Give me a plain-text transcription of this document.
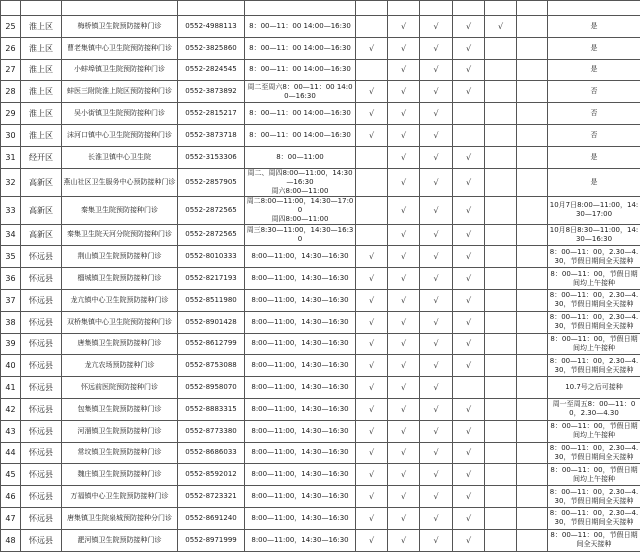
25	淮上区	梅桥镇卫生院预防接种门诊	0552-4988113	8：00—11：00 14:00—16:30		√	√	√	√		是
26	淮上区	曹老集镇中心卫生院预防接种门诊	0552-3825860	8：00—11：00 14:00—16:30	√	√	√	√			是
27	淮上区	小蚌埠镇卫生院预防接种门诊	0552-2824545	8：00—11：00 14:00—16:30		√	√	√			是
28	淮上区	蚌医三附院淮上院区预防接种门诊	0552-3873892	周二至周六8：00—11：00 14:00—16:30	√	√	√	√			否
29	淮上区	吴小街镇卫生院预防接种门诊	0552-2815217	8：00—11：00 14:00—16:30	√	√	√				否
30	淮上区	沫河口镇中心卫生院预防接种门诊	0552-3873718	8：00—11：00 14:00—16:30	√	√	√				否
31	经开区	长淮卫镇中心卫生院	0552-3153306	8：00—11:00		√	√	√			是
32	高新区	燕山社区卫生服务中心预防接种门诊	0552-2857905	周二、周四8:00—11:00，14:30—16:30
周六8:00—11:00		√	√	√			是
33	高新区	秦集卫生院预防接种门诊	0552-2872565	周二8:00—11:00，14:30—17:00
周四8:00—11:00		√	√	√			10月7日8:00—11:00，14:30—17:00
34	高新区	秦集卫生院天河分院预防接种门诊	0552-2872565	周三8:30—11:00，14:30—16:30		√	√	√			10月8日8:30—11:00，14:30—16:30
35	怀远县	荆山镇卫生院预防接种门诊	0552-8010333	8:00—11:00，14:30—16:30	√	√	√	√			8：00—11：00，2.30—4.30，节假日期间全天接种
36	怀远县	榴城镇卫生院预防接种门诊	0552-8217193	8:00—11:00，14:30—16:30	√	√	√	√			8：00—11：00，节假日期间均上午接种
37	怀远县	龙亢镇中心卫生院预防接种门诊	0552-8511980	8:00—11:00，14:30—16:30	√	√	√	√			8：00—11：00，2.30—4.30，节假日期间全天接种
38	怀远县	双桥集镇中心卫生院预防接种门诊	0552-8901428	8:00—11:00，14:30—16:30	√	√	√	√			8：00—11：00，2.30—4.30，节假日期间全天接种
39	怀远县	唐集镇卫生院预防接种门诊	0552-8612799	8:00—11:00，14:30—16:30	√	√	√	√			8：00—11：00，节假日期间均上午接种
40	怀远县	龙亢农场预防接种门诊	0552-8753088	8:00—11:00，14:30—16:30	√	√	√	√			8：00—11：00，2.30—4.30，节假日期间全天接种
41	怀远县	怀远前医院预防接种门诊	0552-8958070	8:00—11:00，14:30—16:30	√	√	√				10.7号之后可接种
42	怀远县	包集镇卫生院预防接种门诊	0552-8883315	8:00—11:00，14:30—16:30	√	√	√	√			周一至周五8：00—11：00，2.30—4.30
43	怀远县	河溜镇卫生院预防接种门诊	0552-8773380	8:00—11:00，14:30—16:30	√	√	√	√			8：00—11：00，节假日期间均上午接种
44	怀远县	常坟镇卫生院预防接种门诊	0552-8686033	8:00—11:00，14:30—16:30	√	√	√	√			8：00—11：00，2.30—4.30，节假日期间全天接种
45	怀远县	魏庄镇卫生院预防接种门诊	0552-8592012	8:00—11:00，14:30—16:30	√	√	√	√			8：00—11：00，节假日期间均上午接种
46	怀远县	万福镇中心卫生院预防接种门诊	0552-8723321	8:00—11:00，14:30—16:30	√	√	√	√			8：00—11：00，2.30—4.30，节假日期间全天接种
47	怀远县	唐集镇卫生院泉城预防接种分门诊	0552-8691240	8:00—11:00，14:30—16:30	√	√	√	√			8：00—11：00，2.30—4.30，节假日期间全天接种
48	怀远县	淝河镇卫生院预防接种门诊	0552-8971999	8:00—11:00，14:30—16:30	√	√	√	√			8：00—11：00，节假日期间全天接种
